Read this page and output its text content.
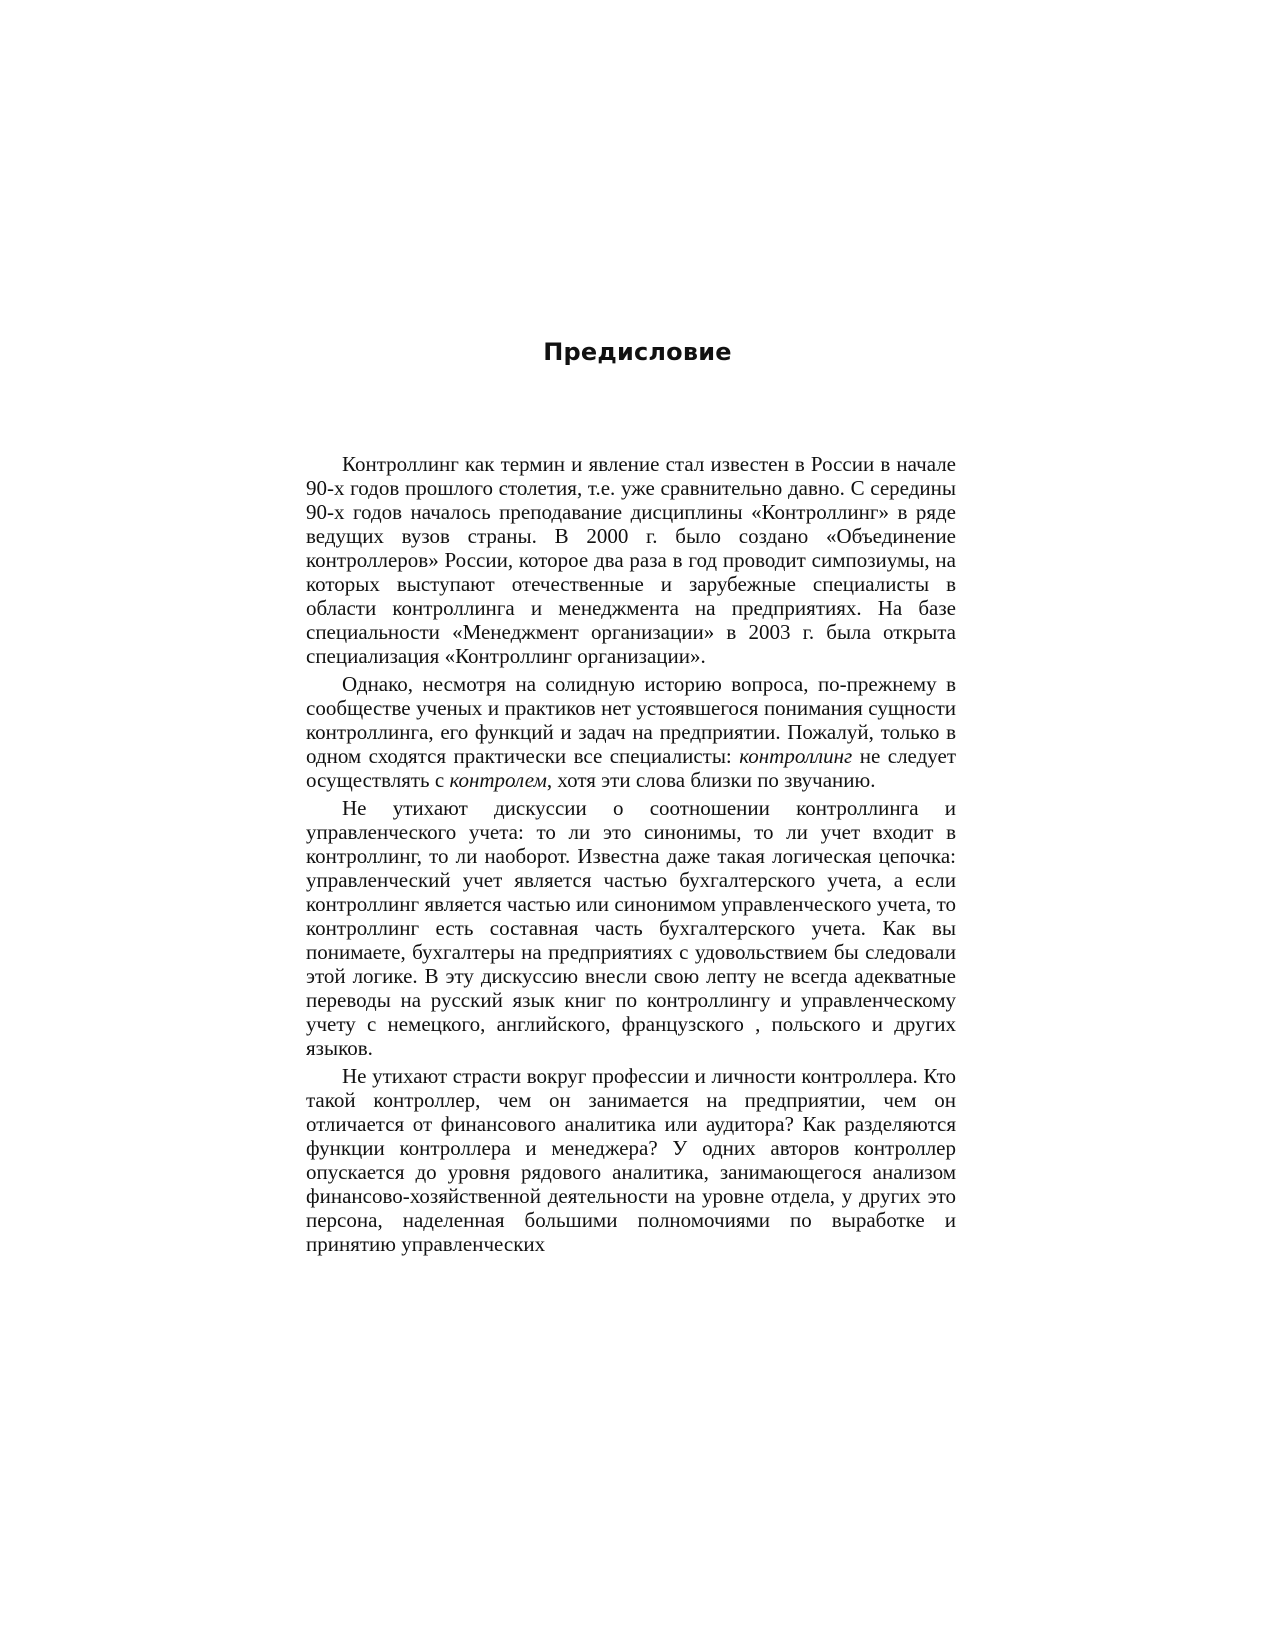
Предисловие

Контроллинг как термин и явление стал известен в России в начале 90-х годов прошлого столетия, т.е. уже сравнительно давно. С середины 90-х годов началось преподавание дисциплины «Контроллинг» в ряде ведущих вузов страны. В 2000 г. было создано «Объединение контроллеров» России, которое два раза в год проводит симпозиумы, на которых выступают отечественные и зарубежные специалисты в области контроллинга и менеджмента на предприятиях. На базе специальности «Менеджмент организации» в 2003 г. была открыта специализация «Контроллинг организации».

Однако, несмотря на солидную историю вопроса, по-прежнему в сообществе ученых и практиков нет устоявшегося понимания сущности контроллинга, его функций и задач на предприятии. Пожалуй, только в одном сходятся практически все специалисты: контроллинг не следует осуществлять с контролем, хотя эти слова близки по звучанию.

Не утихают дискуссии о соотношении контроллинга и управленческого учета: то ли это синонимы, то ли учет входит в контроллинг, то ли наоборот. Известна даже такая логическая цепочка: управленческий учет является частью бухгалтерского учета, а если контроллинг является частью или синонимом управленческого учета, то контроллинг есть составная часть бухгалтерского учета. Как вы понимаете, бухгалтеры на предприятиях с удовольствием бы следовали этой логике. В эту дискуссию внесли свою лепту не всегда адекватные переводы на русский язык книг по контроллингу и управленческому учету с немецкого, английского, французского , польского и других языков.

Не утихают страсти вокруг профессии и личности контроллера. Кто такой контроллер, чем он занимается на предприятии, чем он отличается от финансового аналитика или аудитора? Как разделяются функции контроллера и менеджера? У одних авторов контроллер опускается до уровня рядового аналитика, занимающегося анализом финансово-хозяйственной деятельности на уровне отдела, у других это персона, наделенная большими полномочиями по выработке и принятию управленческих
